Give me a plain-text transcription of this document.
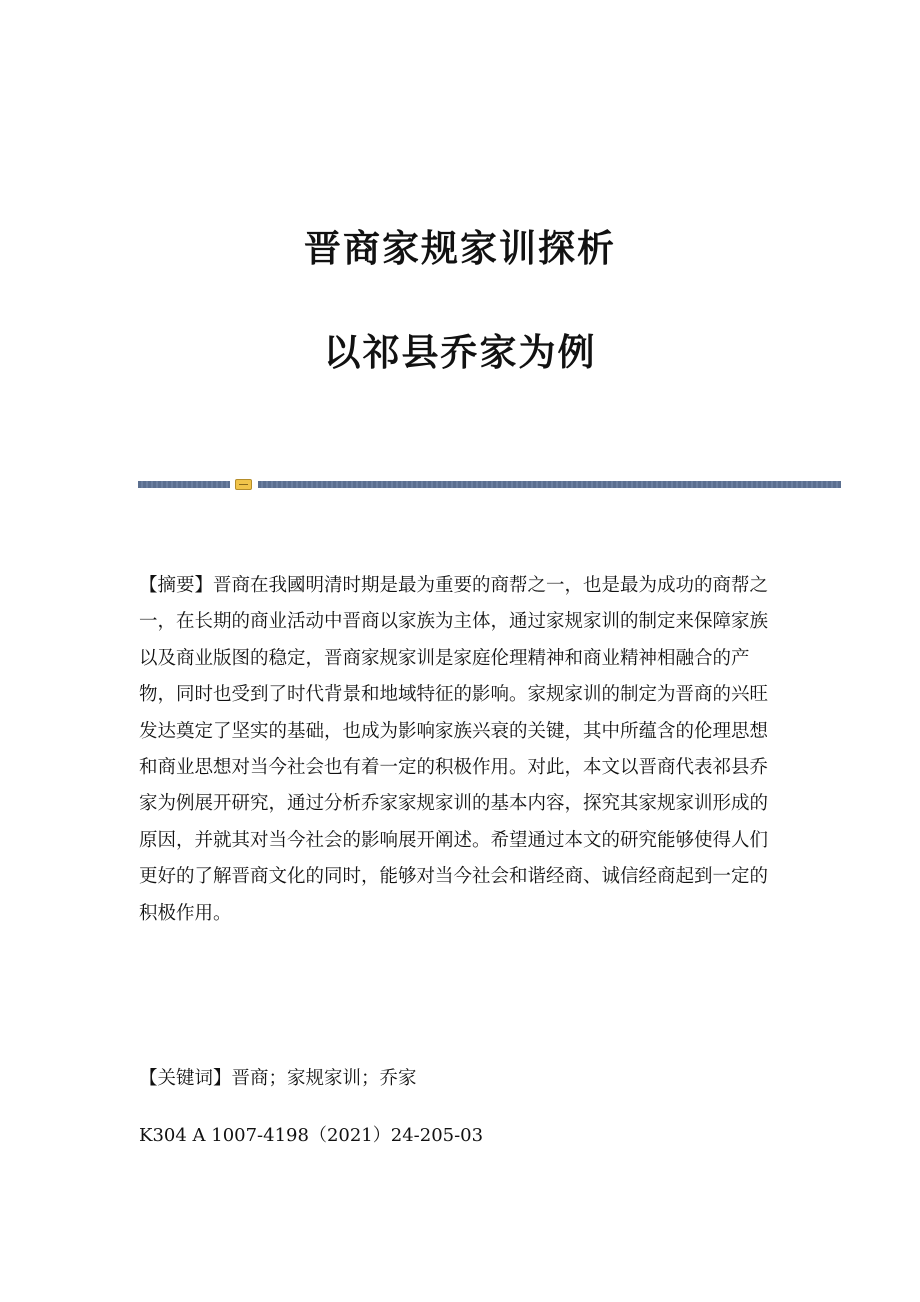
晋商家规家训探析
以祁县乔家为例
【摘要】晋商在我國明清时期是最为重要的商帮之一，也是最为成功的商帮之
一，在长期的商业活动中晋商以家族为主体，通过家规家训的制定来保障家族
以及商业版图的稳定，晋商家规家训是家庭伦理精神和商业精神相融合的产
物，同时也受到了时代背景和地域特征的影响。家规家训的制定为晋商的兴旺
发达奠定了坚实的基础，也成为影响家族兴衰的关键，其中所蕴含的伦理思想
和商业思想对当今社会也有着一定的积极作用。对此，本文以晋商代表祁县乔
家为例展开研究，通过分析乔家家规家训的基本内容，探究其家规家训形成的
原因，并就其对当今社会的影响展开阐述。希望通过本文的研究能够使得人们
更好的了解晋商文化的同时，能够对当今社会和谐经商、诚信经商起到一定的
积极作用。
【关键词】晋商；家规家训；乔家
K304 A 1007-4198（2021）24-205-03
